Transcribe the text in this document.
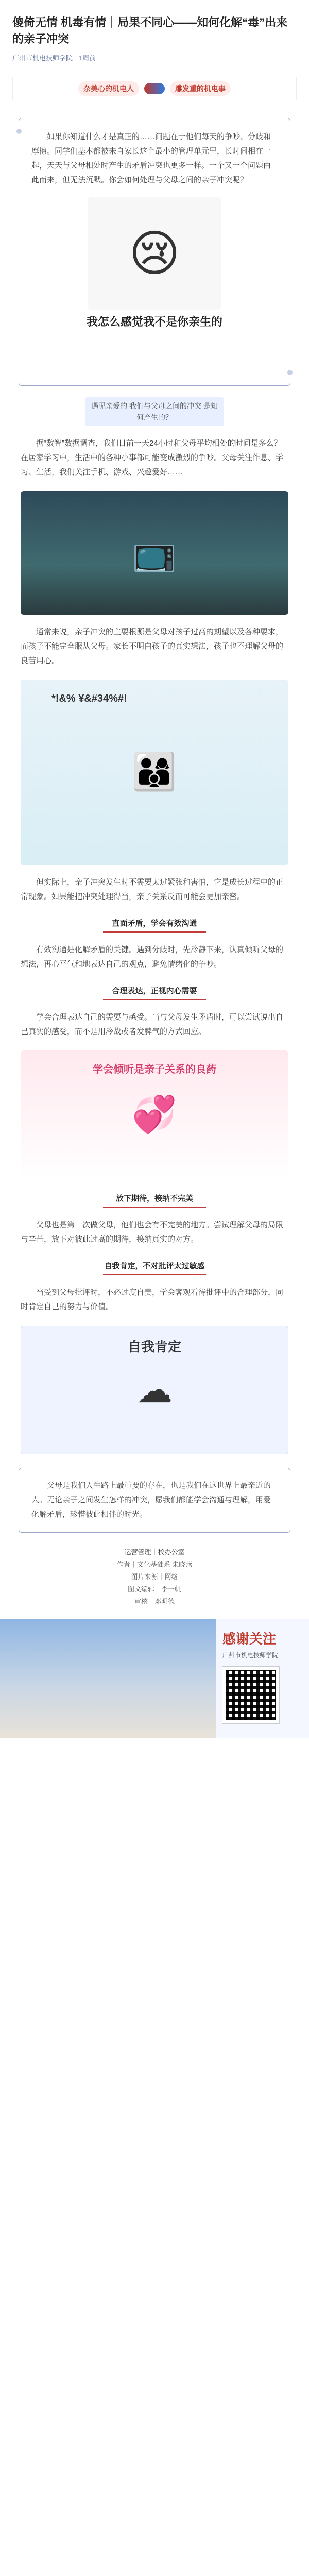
傻倚无情 机毒有情｜局果不同心——知何化解“毒”出来的亲子冲突
广州市机电技师学院 1周前
杂美心的机电人	雕发重的机电事
如果你知道什么才是真正的……问题在于他们每天的争吵、分歧和摩擦。同学们基本都被来自家长这个最小的管理单元里，长时间相在一起，天天与父母相处时产生的矛盾冲突也更多一样。一个又一个问题由此而来，但无法沉默。你会如何处理与父母之间的亲子冲突呢？
😢
我怎么感觉我不是你亲生的
遇见亲爱的 我们与父母之间的冲突 是知何产生的？
据“数智”数据调查，我们日前一天24小时和父母平均相处的时间是多么？在居家学习中，生活中的各种小事都可能变成激烈的争吵。父母关注作息、学习、生活，我们关注手机、游戏、兴趣爱好……
📺
通常来说，亲子冲突的主要根源是父母对孩子过高的期望以及各种要求，而孩子不能完全服从父母。家长不明白孩子的真实想法，孩子也不理解父母的良苦用心。
*!&% ¥&#34%#!
👨‍👩‍👦
但实际上，亲子冲突发生时不需要太过紧张和害怕，它是成长过程中的正常现象。如果能把冲突处理得当，亲子关系反而可能会更加亲密。
直面矛盾，学会有效沟通
有效沟通是化解矛盾的关键。遇到分歧时，先冷静下来，认真倾听父母的想法，再心平气和地表达自己的观点，避免情绪化的争吵。
合理表达，正视内心需要
学会合理表达自己的需要与感受。当与父母发生矛盾时，可以尝试说出自己真实的感受，而不是用冷战或者发脾气的方式回应。
学会倾听是亲子关系的良药
💞
放下期待，接纳不完美
父母也是第一次做父母，他们也会有不完美的地方。尝试理解父母的局限与辛苦，放下对彼此过高的期待，接纳真实的对方。
自我肯定，不对批评太过敏感
当受到父母批评时，不必过度自责，学会客观看待批评中的合理部分，同时肯定自己的努力与价值。
自我肯定
☁
父母是我们人生路上最重要的存在，也是我们在这世界上最亲近的人。无论亲子之间发生怎样的冲突，愿我们都能学会沟通与理解，用爱化解矛盾，珍惜彼此相伴的时光。
运营管理｜校办公室
作者｜文化基础系 朱晓燕
图片来源｜网络
图文编辑｜李一帆
审核｜邓明德
感谢关注
广州市机电技师学院
